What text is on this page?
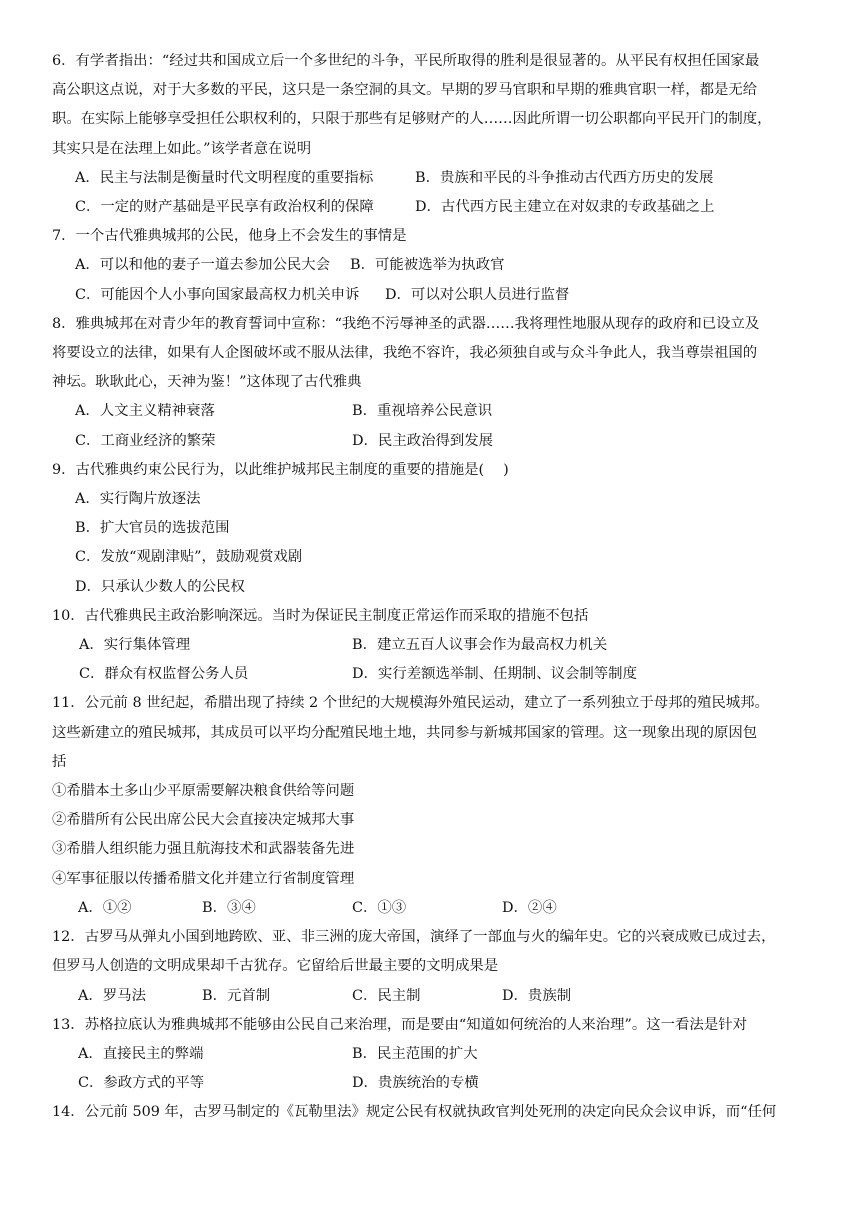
6．有学者指出：“经过共和国成立后一个多世纪的斗争，平民所取得的胜利是很显著的。从平民有权担任国家最
高公职这点说，对于大多数的平民，这只是一条空洞的具文。早期的罗马官职和早期的雅典官职一样，都是无给
职。在实际上能够享受担任公职权利的，只限于那些有足够财产的人……因此所谓一切公职都向平民开门的制度，
其实只是在法理上如此。”该学者意在说明
A．民主与法制是衡量时代文明程度的重要指标	B．贵族和平民的斗争推动古代西方历史的发展
C．一定的财产基础是平民享有政治权利的保障	D．古代西方民主建立在对奴隶的专政基础之上
7．一个古代雅典城邦的公民，他身上不会发生的事情是
A．可以和他的妻子一道去参加公民大会	B．可能被选举为执政官
C．可能因个人小事向国家最高权力机关申诉	D．可以对公职人员进行监督
8．雅典城邦在对青少年的教育誓词中宣称：“我绝不污辱神圣的武器……我将理性地服从现存的政府和已设立及
将要设立的法律，如果有人企图破坏或不服从法律，我绝不容许，我必须独自或与众斗争此人，我当尊崇祖国的
神坛。耿耿此心，天神为鉴！”这体现了古代雅典
A．人文主义精神衰落	B．重视培养公民意识
C．工商业经济的繁荣	D．民主政治得到发展
9．古代雅典约束公民行为，以此维护城邦民主制度的重要的措施是(　 )
A．实行陶片放逐法
B．扩大官员的选拔范围
C．发放“观剧津贴”，鼓励观赏戏剧
D．只承认少数人的公民权
10．古代雅典民主政治影响深远。当时为保证民主制度正常运作而采取的措施不包括
A．实行集体管理	B．建立五百人议事会作为最高权力机关
C．群众有权监督公务人员	D．实行差额选举制、任期制、议会制等制度
11．公元前 8 世纪起，希腊出现了持续 2 个世纪的大规模海外殖民运动，建立了一系列独立于母邦的殖民城邦。
这些新建立的殖民城邦，其成员可以平均分配殖民地土地，共同参与新城邦国家的管理。这一现象出现的原因包
括
①希腊本土多山少平原需要解决粮食供给等问题
②希腊所有公民出席公民大会直接决定城邦大事
③希腊人组织能力强且航海技术和武器装备先进
④军事征服以传播希腊文化并建立行省制度管理
A．①②	B．③④	C．①③	D．②④
12．古罗马从弹丸小国到地跨欧、亚、非三洲的庞大帝国，演绎了一部血与火的编年史。它的兴衰成败已成过去，
但罗马人创造的文明成果却千古犹存。它留给后世最主要的文明成果是
A．罗马法	B．元首制	C．民主制	D．贵族制
13．苏格拉底认为雅典城邦不能够由公民自己来治理，而是要由“知道如何统治的人来治理”。这一看法是针对
A．直接民主的弊端	B．民主范围的扩大
C．参政方式的平等	D．贵族统治的专横
14．公元前 509 年，古罗马制定的《瓦勒里法》规定公民有权就执政官判处死刑的决定向民众会议申诉，而“任何
